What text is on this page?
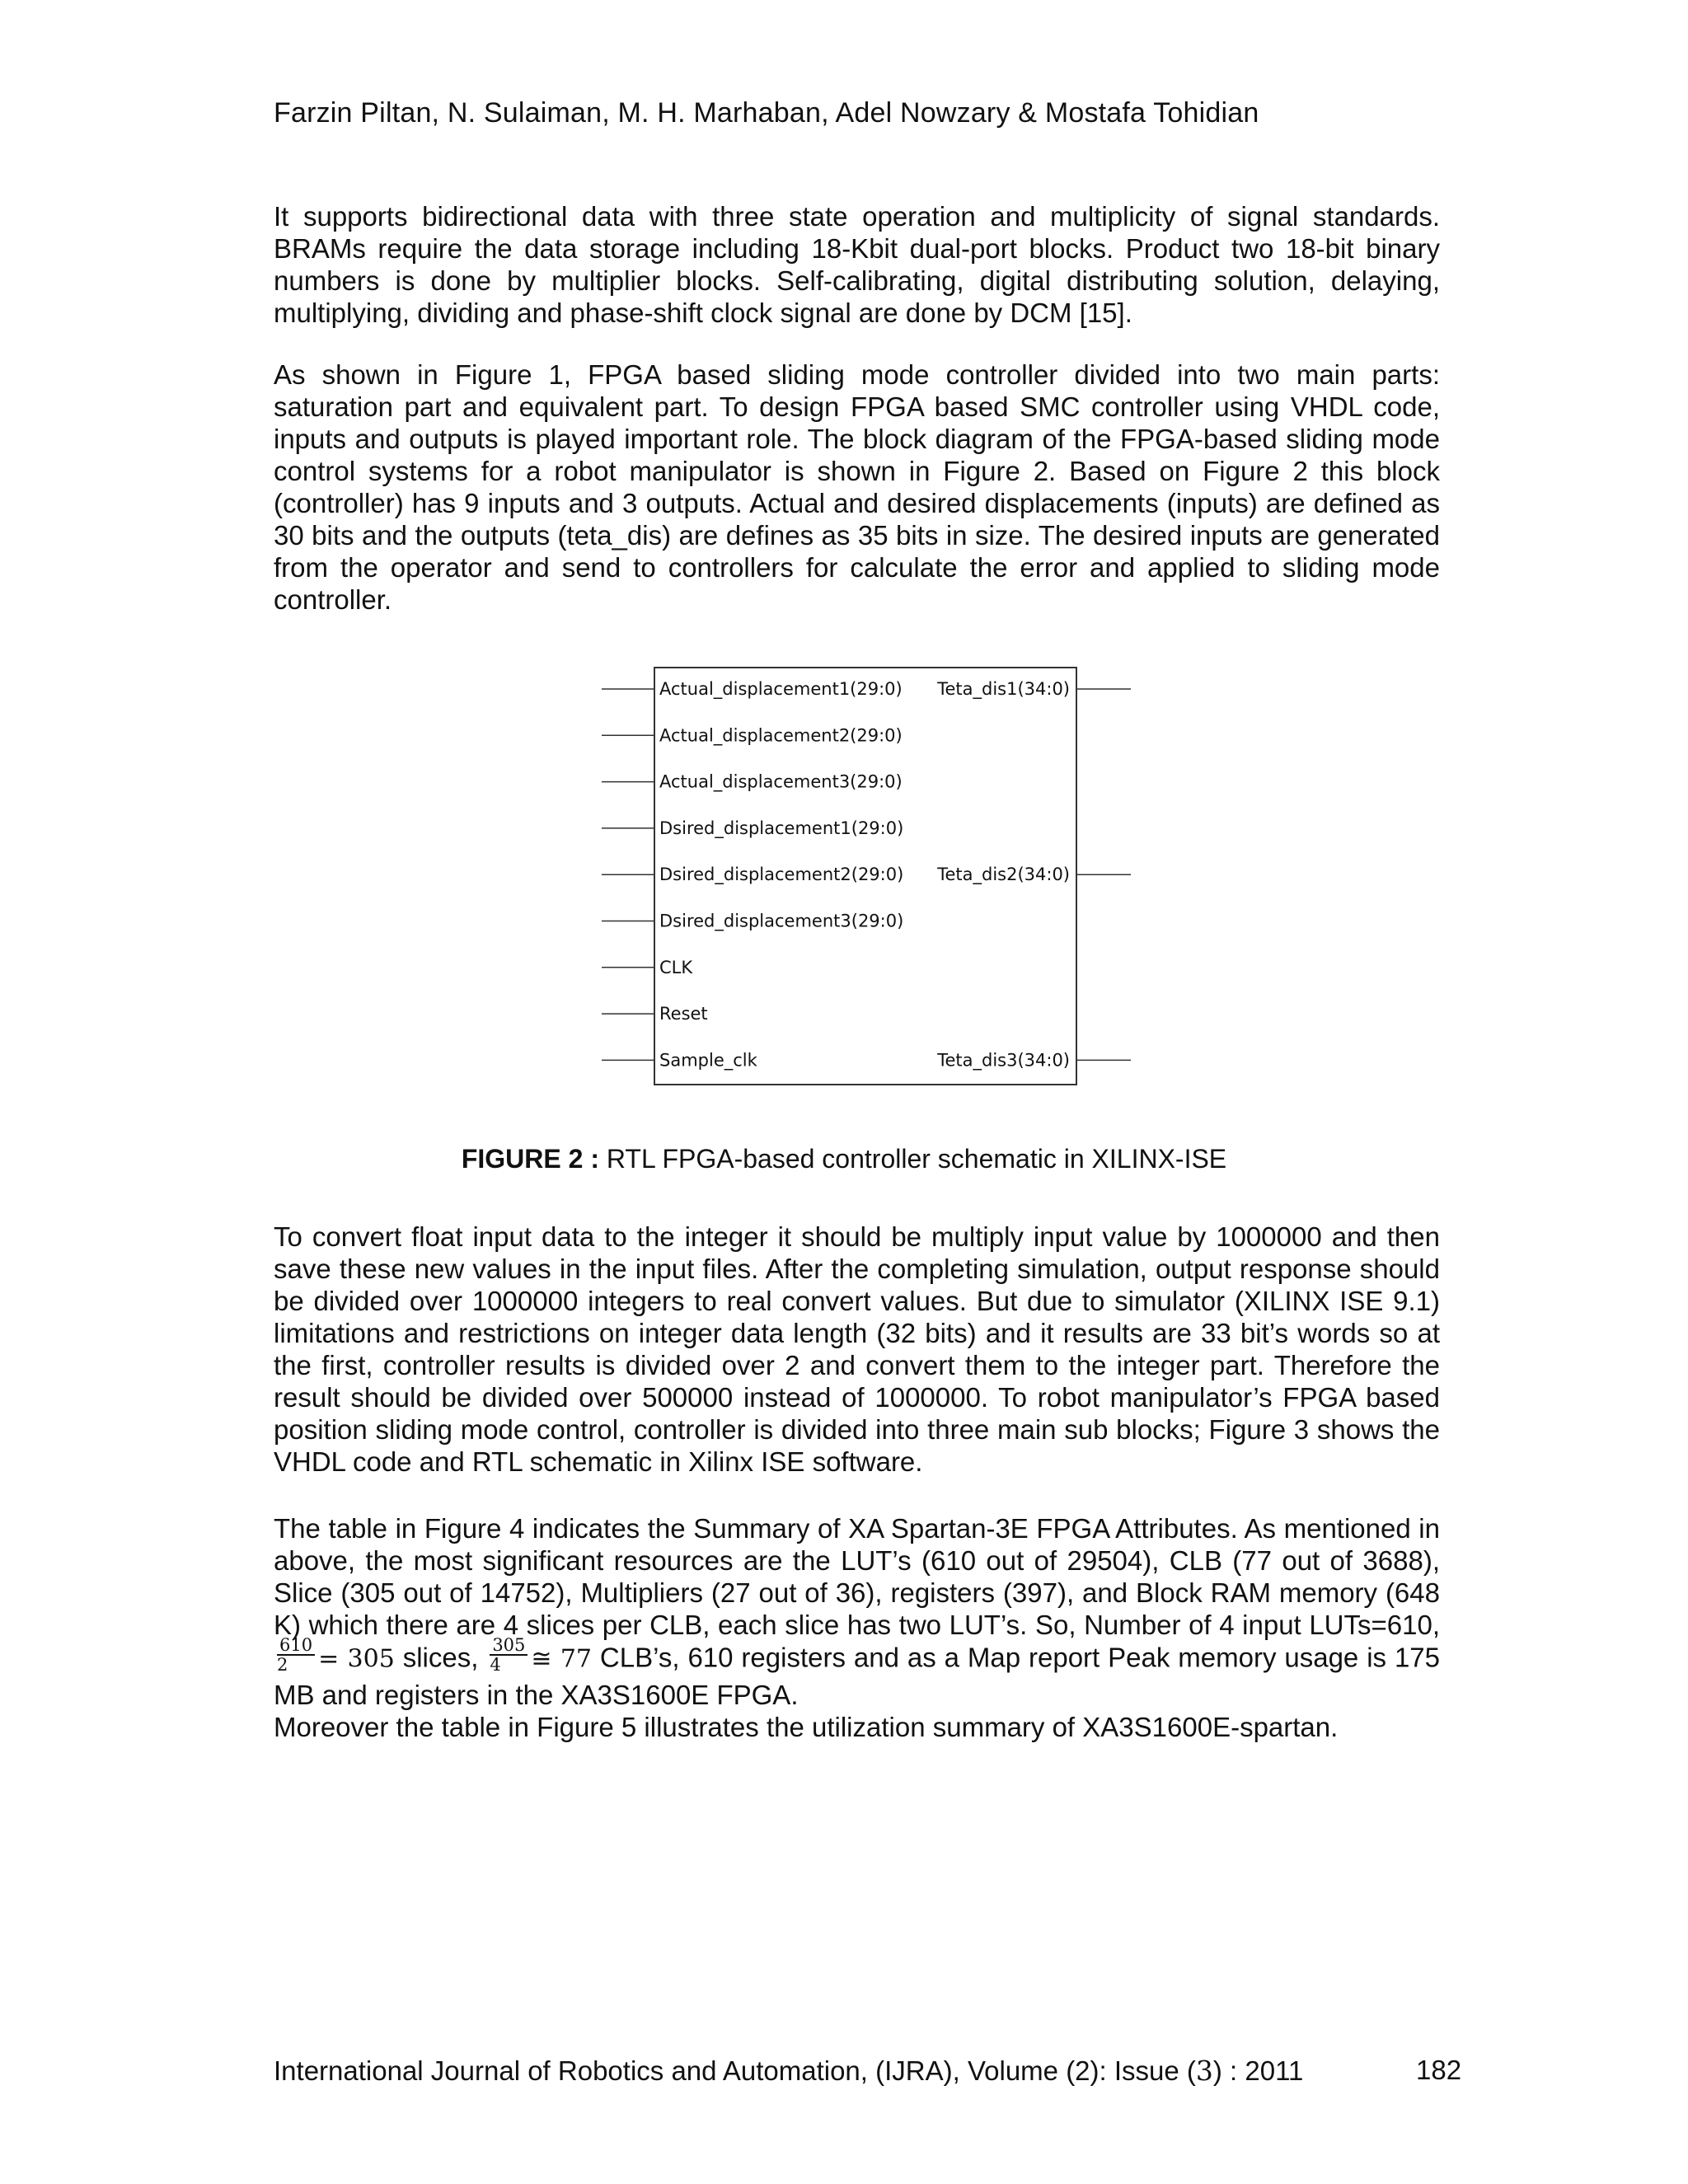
Farzin Piltan, N. Sulaiman, M. H. Marhaban, Adel Nowzary & Mostafa Tohidian

It supports bidirectional data with three state operation and multiplicity of signal standards. BRAMs require the data storage including 18-Kbit dual-port blocks. Product two 18-bit binary numbers is done by multiplier blocks. Self-calibrating, digital distributing solution, delaying, multiplying, dividing and phase-shift clock signal are done by DCM [15].

As shown in Figure 1, FPGA based sliding mode controller divided into two main parts: saturation part and equivalent part. To design FPGA based SMC controller using VHDL code, inputs and outputs is played important role. The block diagram of the FPGA-based sliding mode control systems for a robot manipulator is shown in Figure 2. Based on Figure 2 this block (controller) has 9 inputs and 3 outputs. Actual and desired displacements (inputs) are defined as 30 bits and the outputs (teta_dis) are defines as 35 bits in size. The desired inputs are generated from the operator and send to controllers for calculate the error and applied to sliding mode controller.

Actual_displacement1(29:0)
Actual_displacement2(29:0)
Actual_displacement3(29:0)
Dsired_displacement1(29:0)
Dsired_displacement2(29:0)
Dsired_displacement3(29:0)
CLK
Reset
Sample_clk
Teta_dis1(34:0)
Teta_dis2(34:0)
Teta_dis3(34:0)
FIGURE 2 : RTL FPGA-based controller schematic in XILINX-ISE

To convert float input data to the integer it should be multiply input value by 1000000 and then save these new values in the input files. After the completing simulation, output response should be divided over 1000000 integers to real convert values. But due to simulator (XILINX ISE 9.1) limitations and restrictions on integer data length (32 bits) and it results are 33 bit’s words so at the first, controller results is divided over 2 and convert them to the integer part. Therefore the result should be divided over 500000 instead of 1000000. To robot manipulator’s FPGA based position sliding mode control, controller is divided into three main sub blocks; Figure 3 shows the VHDL code and RTL schematic in Xilinx ISE software.

The table in Figure 4 indicates the Summary of XA Spartan-3E FPGA Attributes. As mentioned in above, the most significant resources are the LUT’s (610 out of 29504), CLB (77 out of 3688), Slice (305 out of 14752), Multipliers (27 out of 36), registers (397), and Block RAM memory (648 K) which there are 4 slices per CLB, each slice has two LUT’s. So, Number of 4 input LUTs=610,
$\frac{610}{2} = 305$ slices, $\frac{305}{4}$ ≅ 77 CLB’s, 610 registers and as a Map report Peak memory usage is 175 MB and registers in the XA3S1600E FPGA.
Moreover the table in Figure 5 illustrates the utilization summary of XA3S1600E-spartan.
International Journal of Robotics and Automation, (IJRA), Volume (2): Issue (3) : 2011	182
